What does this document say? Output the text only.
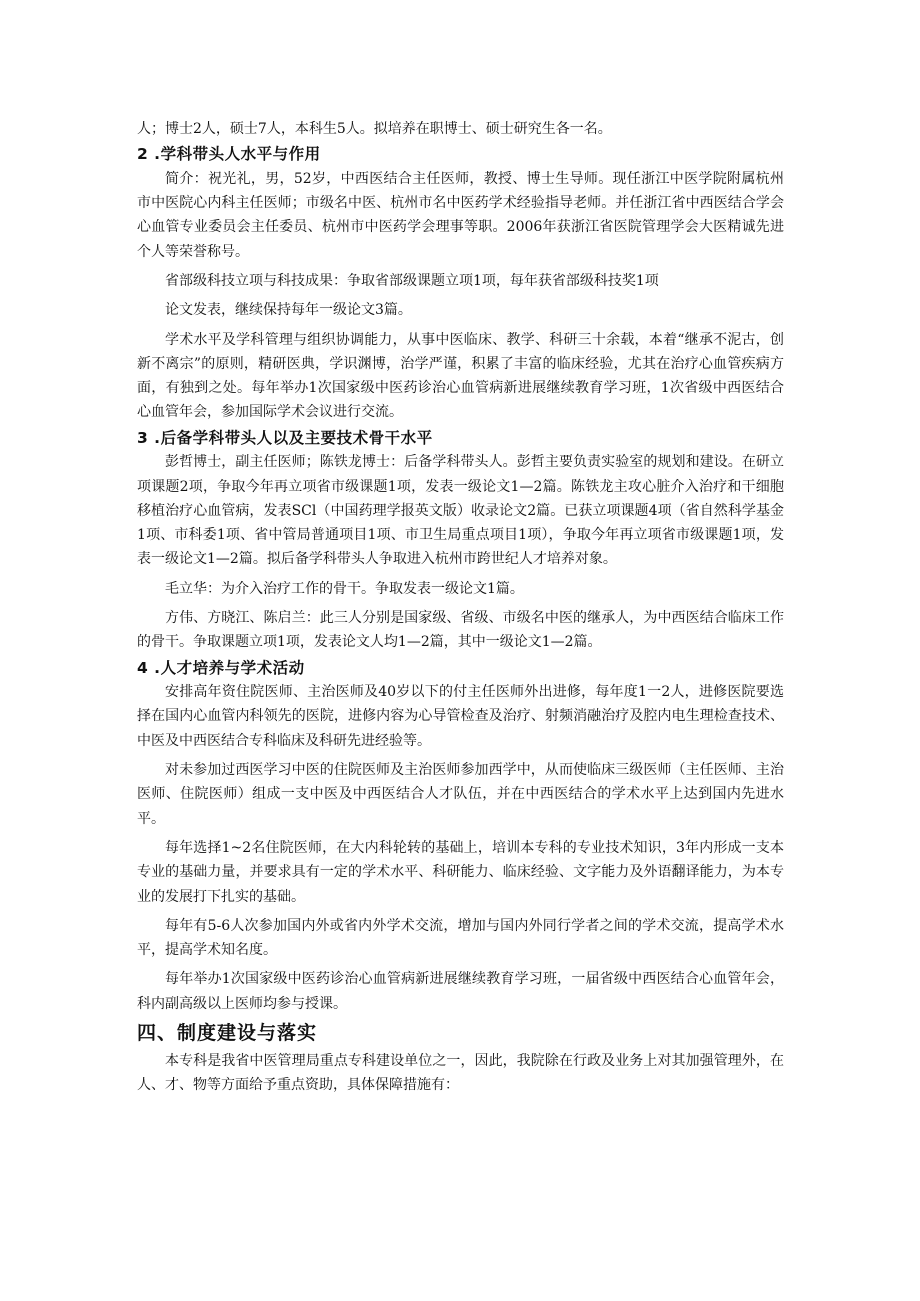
人；博士2人，硕士7人，本科生5人。拟培养在职博士、硕士研究生各一名。

2 .学科带头人水平与作用

简介：祝光礼，男，52岁，中西医结合主任医师，教授、博士生导师。现任浙江中医学院附属杭州市中医院心内科主任医师；市级名中医、杭州市名中医药学术经验指导老师。并任浙江省中西医结合学会心血管专业委员会主任委员、杭州市中医药学会理事等职。2006年获浙江省医院管理学会大医精诚先进个人等荣誉称号。

省部级科技立项与科技成果：争取省部级课题立项1项，每年获省部级科技奖1项

论文发表，继续保持每年一级论文3篇。

学术水平及学科管理与组织协调能力，从事中医临床、教学、科研三十余载，本着“继承不泥古，创新不离宗”的原则，精研医典，学识渊博，治学严谨，积累了丰富的临床经验，尤其在治疗心血管疾病方面，有独到之处。每年举办1次国家级中医药诊治心血管病新进展继续教育学习班，1次省级中西医结合心血管年会，参加国际学术会议进行交流。

3 .后备学科带头人以及主要技术骨干水平

彭哲博士，副主任医师；陈铁龙博士：后备学科带头人。彭哲主要负责实验室的规划和建设。在研立项课题2项，争取今年再立项省市级课题1项，发表一级论文1—2篇。陈铁龙主攻心脏介入治疗和干细胞移植治疗心血管病，发表SCl（中国药理学报英文版）收录论文2篇。已获立项课题4项（省自然科学基金1项、市科委1项、省中管局普通项目1项、市卫生局重点项目1项），争取今年再立项省市级课题1项，发表一级论文1—2篇。拟后备学科带头人争取进入杭州市跨世纪人才培养对象。

毛立华：为介入治疗工作的骨干。争取发表一级论文1篇。

方伟、方晓江、陈启兰：此三人分别是国家级、省级、市级名中医的继承人，为中西医结合临床工作的骨干。争取课题立项1项，发表论文人均1—2篇，其中一级论文1—2篇。

4 .人才培养与学术活动

安排高年资住院医师、主治医师及40岁以下的付主任医师外出进修，每年度1一2人，进修医院要选择在国内心血管内科领先的医院，进修内容为心导管检查及治疗、射频消融治疗及腔内电生理检查技术、中医及中西医结合专科临床及科研先进经验等。

对未参加过西医学习中医的住院医师及主治医师参加西学中，从而使临床三级医师（主任医师、主治医师、住院医师）组成一支中医及中西医结合人才队伍，并在中西医结合的学术水平上达到国内先进水平。

每年选择1~2名住院医师，在大内科轮转的基础上，培训本专科的专业技术知识，3年内形成一支本专业的基础力量，并要求具有一定的学术水平、科研能力、临床经验、文字能力及外语翻译能力，为本专业的发展打下扎实的基础。

每年有5-6人次参加国内外或省内外学术交流，增加与国内外同行学者之间的学术交流，提高学术水平，提高学术知名度。

每年举办1次国家级中医药诊治心血管病新进展继续教育学习班，一届省级中西医结合心血管年会，科内副高级以上医师均参与授课。

四、制度建设与落实

本专科是我省中医管理局重点专科建设单位之一，因此，我院除在行政及业务上对其加强管理外，在人、才、物等方面给予重点资助，具体保障措施有：
